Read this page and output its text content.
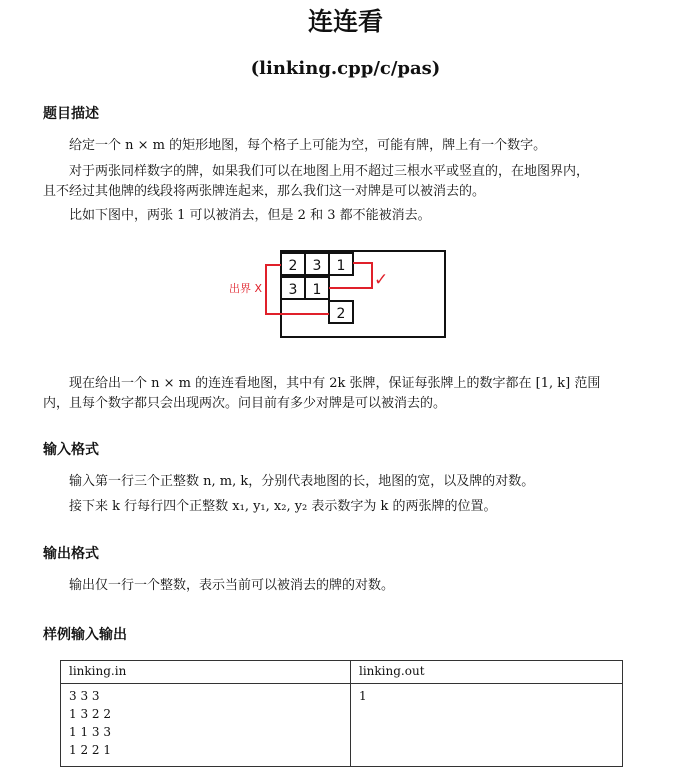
连连看
(linking.cpp/c/pas)
题目描述
给定一个 n × m 的矩形地图，每个格子上可能为空，可能有牌，牌上有一个数字。
对于两张同样数字的牌，如果我们可以在地图上用不超过三根水平或竖直的，在地图界内，
且不经过其他牌的线段将两张牌连起来，那么我们这一对牌是可以被消去的。
比如下图中，两张 1 可以被消去，但是 2 和 3 都不能被消去。
2 3 1
3 1
2
✓
出界 X
现在给出一个 n × m 的连连看地图，其中有 2k 张牌，保证每张牌上的数字都在 [1, k] 范围
内，且每个数字都只会出现两次。问目前有多少对牌是可以被消去的。
输入格式
输入第一行三个正整数 n, m, k，分别代表地图的长，地图的宽，以及牌的对数。
接下来 k 行每行四个正整数 x₁, y₁, x₂, y₂ 表示数字为 k 的两张牌的位置。
输出格式
输出仅一行一个整数，表示当前可以被消去的牌的对数。
样例输入输出
linking.in	linking.out

3 3 3
1 3 2 2
1 1 3 3
1 2 2 1	1
